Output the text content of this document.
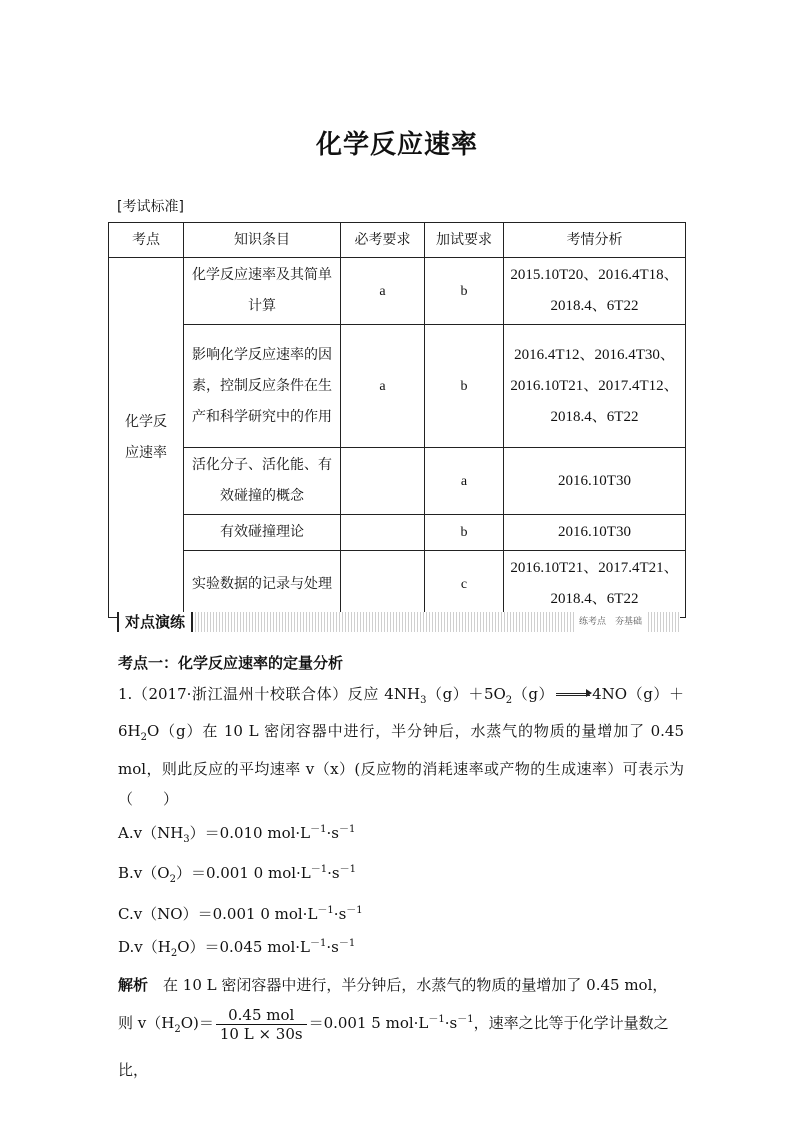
化学反应速率
[考试标准]
考点	知识条目	必考要求	加试要求	考情分析
化学反应速率	化学反应速率及其简单计算	a	b	2015.10T20、2016.4T18、2018.4、6T22
	影响化学反应速率的因素，控制反应条件在生产和科学研究中的作用	a	b	2016.4T12、2016.4T30、2016.10T21、2017.4T12、2018.4、6T22
	活化分子、活化能、有效碰撞的概念		a	2016.10T30
	有效碰撞理论		b	2016.10T30
	实验数据的记录与处理		c	2016.10T21、2017.4T21、2018.4、6T22
对点演练	练考点　夯基础

考点一：化学反应速率的定量分析

1.（2017·浙江温州十校联合体）反应 $4NH_3(g)+5O_2(g)$	$4NO(g)+6H_2O(g)$在 10 L 密闭容器中进行，半分钟后，水蒸气的物质的量增加了 0.45 mol，则此反应的平均速率 v（x）(反应物的消耗速率或产物的生成速率）可表示为（　　）

$A.v(NH_3)=0.010$ $mol\cdot L^{-1}\cdot s^{-1}$

$B.v(O_2)=0.001$ 0 $mol\cdot L^{-1}\cdot s^{-1}$

C.v（NO）＝0.001 0 $mol\cdot L^{-1}\cdot s^{-1}$

$D.v(H_2O)=0.045$ $mol\cdot L^{-1}\cdot s^{-1}$

解析　 在 10 L 密闭容器中进行，半分钟后，水蒸气的物质的量增加了 0.45 mol，

则 $v(H_2O)= \frac{\text{0.45 mol}}{10 L \times 30s} =0.001$ 5 $mol\cdot L^{-1}\cdot s^{-1}$，速率之比等于化学计量数之比，
